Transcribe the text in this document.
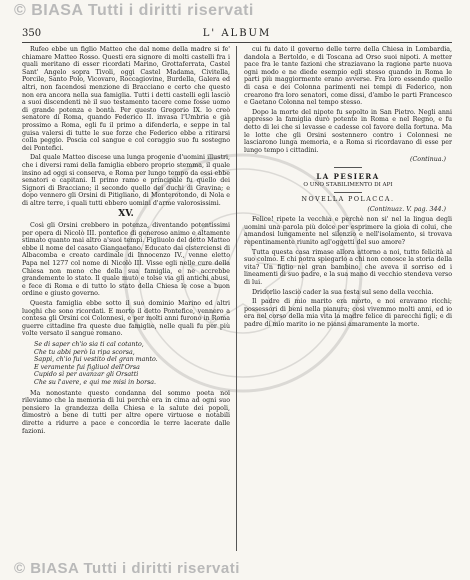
© BIASA Tutti i diritti riservati
350	L' ALBUM

Rufeo ebbe un figlio Matteo che dal nome della madre si fe' chiamare Matteo Rosso. Questi era signore di molti castelli fra i quali meritano di esser ricordati Marino, Grottaferrata, Castel Sant' Angelo sopra Tivoli, oggi Castel Madama, Civitella, Porcile, Santo Polo, Vicovaro, Roccagiovine, Burdella, Galera ed altri, non facendosi menzione di Bracciano e certo che questo non era ancora nella sua famiglia. Tutti i detti castelli egli lasciò a suoi discendenti nè il suo testamento tacere come fosse uomo di grande potenza e bontà. Per questo Gregorio IX. lo creò senatore di Roma, quando Federico II. invasa l'Umbria e già prossimo a Roma, egli fu il primo a difenderla, e seppe in tal guisa valersi di tutte le sue forze che Federico ebbe a ritirarsi colla peggio. Poscia col sangue e col coraggio suo fu sostegno dei Pontefici.

Dal quale Matteo discese una lunga progenie d'uomini illustri, che i diversi rami della famiglia ebbero proprio stemma, il quale insino ad oggi si conserva, e Roma per lungo tempo da essi ebbe senatori e capitani. Il primo ramo e principale fu quello dei Signori di Bracciano; il secondo quello dei duchi di Gravina; e dopo vennero gli Orsini di Pitigliano, di Monterotondo, di Nola e di altre terre, i quali tutti ebbero uomini d'arme valorosissimi.

XV.

Così gli Orsini crebbero in potenza, diventando potentissimi per opera di Nicolò III. pontefice di generoso animo e altamente stimato quanto mai altro a'suoi tempi. Figliuolo del detto Matteo ebbe il nome del casato Giangaetano. Educato dai cisterciensi di Albacomba e creato cardinale di Innocenzo IV., venne eletto Papa nel 1277 col nome di Nicolò III. Visse egli nelle cure della Chiesa non meno che della sua famiglia, e ne accrebbe grandemente lo stato. Il quale mutò e tolse via gli antichi abusi, e fece di Roma e di tutto lo stato della Chiesa le cose a buon ordine e giusto governo.

Questa famiglia ebbe sotto il suo dominio Marino ed altri luoghi che sono ricordati. E morto il detto Pontefice, vennero a contesa gli Orsini coi Colonnesi, e per molti anni furono in Roma guerre cittadine fra queste due famiglie, nelle quali fu per più volte versato il sangue romano.

Se di saper ch'io sia ti cal cotanto,
Che tu abbi però la ripa scorsa,
Sappi, ch'io fui vestito del gran manto.
E veramente fui figliuol dell'Orsa
Cupido sì per avanzar gli Orsatti
Che su l'avere, e qui me misi in borsa.

Ma nonostante questo condanna del sommo poeta noi rileviamo che la memoria di lui perchè era in cima ad ogni suo pensiero la grandezza della Chiesa e la salute dei popoli, dimostrò a bene di tutti per altre opere virtuose e notabili dirette a ridurre a pace e concordia le terre lacerate dalle fazioni.

cui fu dato il governo delle terre della Chiesa in Lombardia, dandola a Bertoldo, e di Toscana ad Orso suoi nipoti. A metter pace fra le tante fazioni che straziavano la ragione parte nuova ogni modo e ne diede esempio egli stesso quando in Roma le parti più maggiormente erano avverse. Fra loro essendo quello di casa e dei Colonna parimenti nei tempi di Federico, non crearono fra loro senatori, come dissi, d'ambo le parti Francesco e Gaetano Colonna nel tempo stesso.

Dopo la morte del nipote fu sepolto in San Pietro. Negli anni appresso la famiglia durò potente in Roma e nel Regno, e fu detto di lei che si levasse e cadesse col favore della fortuna. Ma le lotte che gli Orsini sostennero contro i Colonnesi ne lasciarono lunga memoria, e a Roma si ricordavano di esse per lungo tempo i cittadini.

(Continua.)
LA PESIERA
O UNO STABILIMENTO DI API
NOVELLA POLACCA.
(Continuaz. V. pag. 344.)

Felice! ripete la vecchia e perchè non si' nel la lingua degli uomini una parola più dolce per esprimere la gioia di colui, che amandosi lungamente nel silenzio e nell'isolamento, si trovava repentinamente riunito agl'oggetti del suo amore?

Tutta questa casa rimase allora attorno a noi, tutto felicità al suo colmo. E chi potra spiegarlo a chi non conosce la storia della vita? Un figlio nel gran bambino, che aveva il sorriso ed i lineamenti di suo padre, e la sua mano di vecchio stendeva verso di lui.

Dridorlio lasciò cader la sua testa sul seno della vecchia.

Il padre di mio marito era morto, e noi eravamo ricchi; possessori di beni nella pianura; così vivemmo molti anni, ed io era nel corso della mia vita la madre felice di parecchi figli; e di padre di mio marito io ne piansi amaramente la morte.

© BIASA Tutti i diritti riservati
